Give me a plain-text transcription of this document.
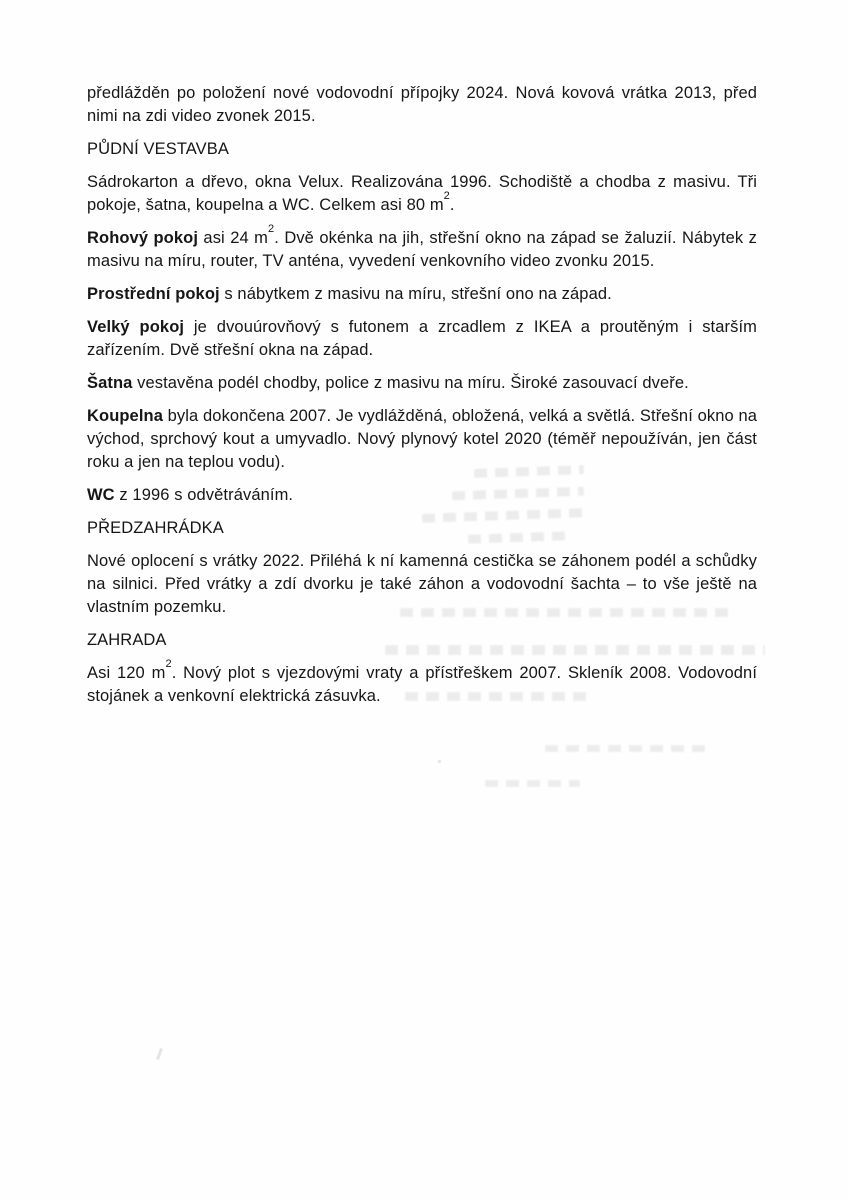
předlážděn po položení nové vodovodní přípojky 2024. Nová kovová vrátka 2013, před nimi na zdi video zvonek 2015.

PŮDNÍ VESTAVBA

Sádrokarton a dřevo, okna Velux. Realizována 1996. Schodiště a chodba z masivu. Tři pokoje, šatna, koupelna a WC. Celkem asi 80 $m^2$.

Rohový pokoj asi 24 $m^2$. Dvě okénka na jih, střešní okno na západ se žaluzií. Nábytek z masivu na míru, router, TV anténa, vyvedení venkovního video zvonku 2015.

Prostřední pokoj s nábytkem z masivu na míru, střešní ono na západ.

Velký pokoj je dvouúrovňový s futonem a zrcadlem z IKEA a proutěným i starším zařízením. Dvě střešní okna na západ.

Šatna vestavěna podél chodby, police z masivu na míru. Široké zasouvací dveře.

Koupelna byla dokončena 2007. Je vydlážděná, obložená, velká a světlá. Střešní okno na východ, sprchový kout a umyvadlo. Nový plynový kotel 2020 (téměř nepoužíván, jen část roku a jen na teplou vodu).

WC z 1996 s odvětráváním.

PŘEDZAHRÁDKA

Nové oplocení s vrátky 2022. Přiléhá k ní kamenná cestička se záhonem podél a schůdky na silnici. Před vrátky a zdí dvorku je také záhon a vodovodní šachta – to vše ještě na vlastním pozemku.

ZAHRADA

Asi 120 $m^2$. Nový plot s vjezdovými vraty a přístřeškem 2007. Skleník 2008. Vodovodní stojánek a venkovní elektrická zásuvka.
